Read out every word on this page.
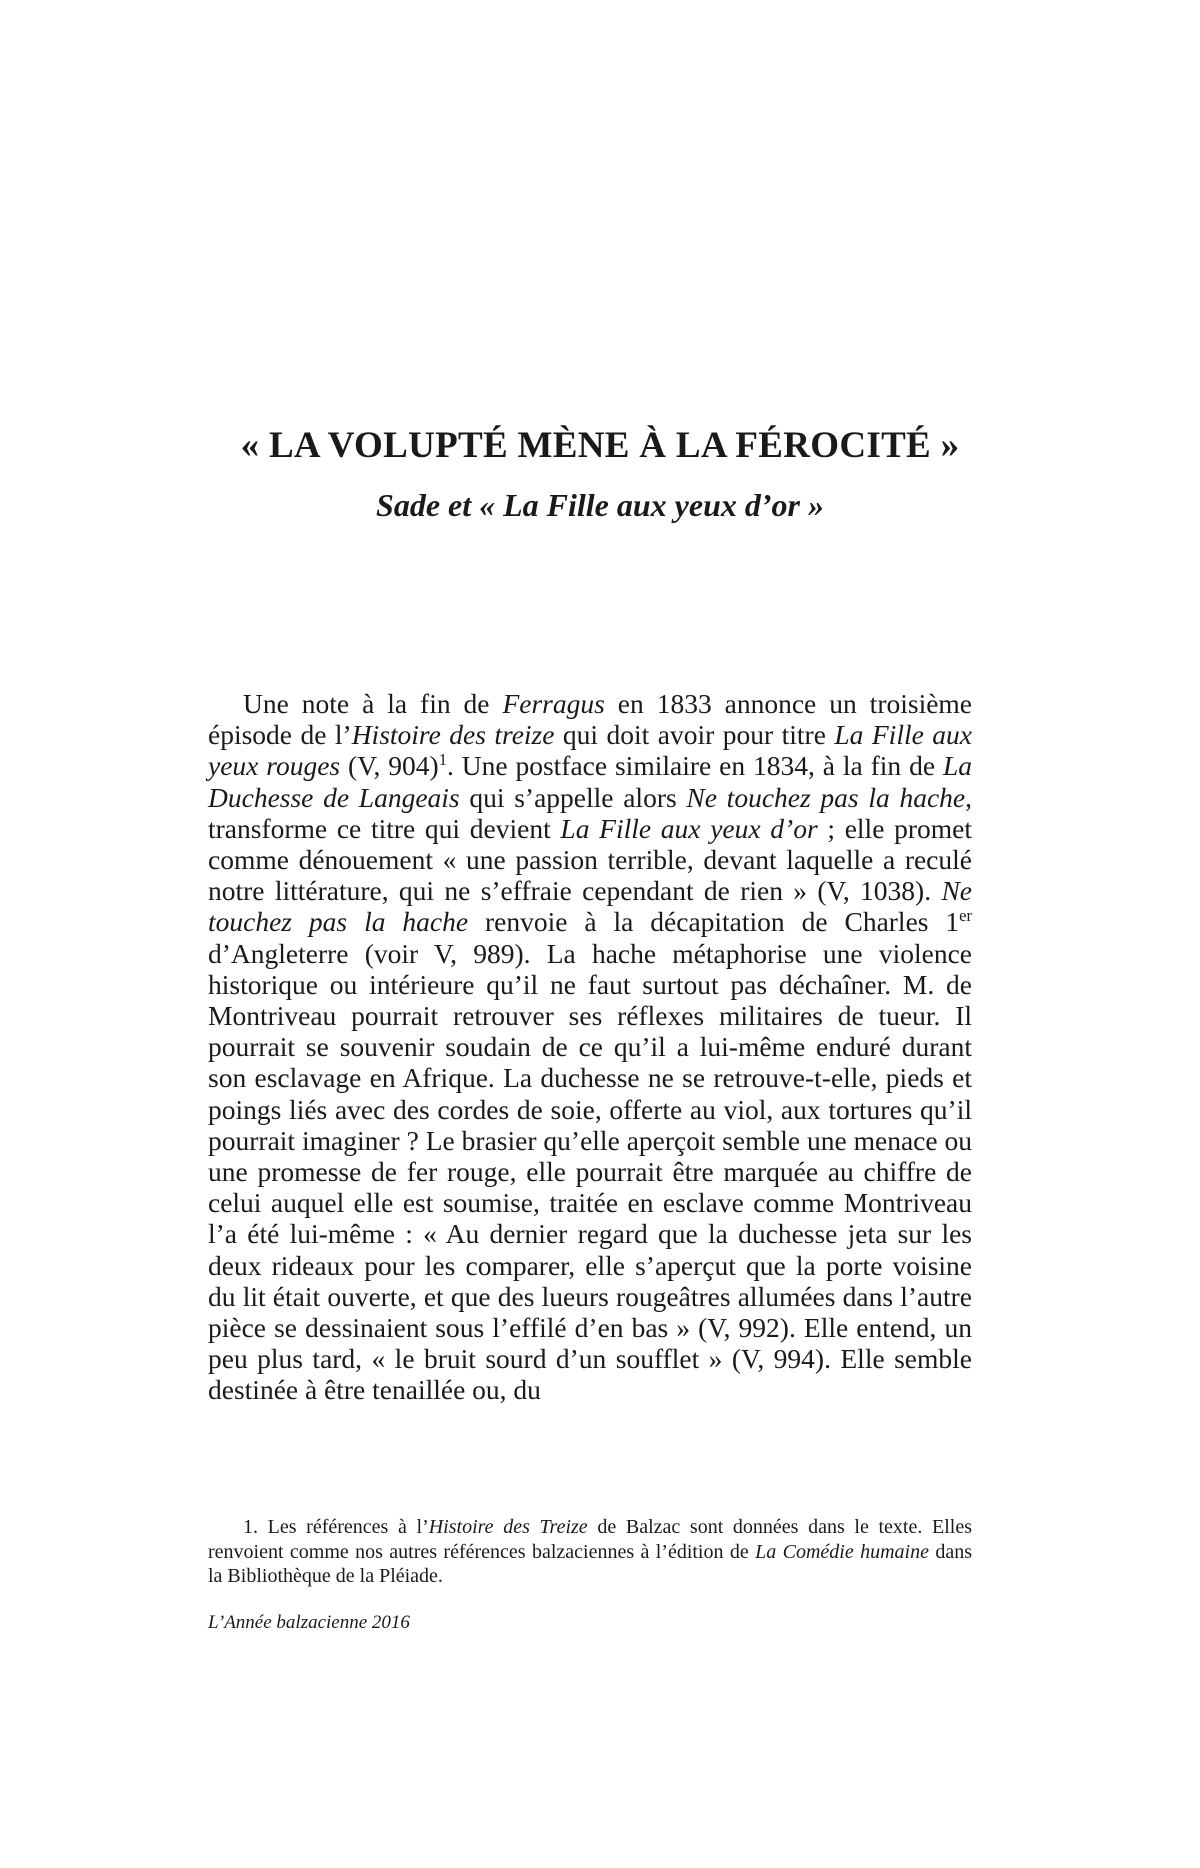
« LA VOLUPTÉ MÈNE À LA FÉROCITÉ »
Sade et « La Fille aux yeux d’or »

Une note à la fin de Ferragus en 1833 annonce un troisième épisode de l’Histoire des treize qui doit avoir pour titre La Fille aux yeux rouges (V, 904)$^1$. Une postface similaire en 1834, à la fin de La Duchesse de Langeais qui s’appelle alors Ne touchez pas la hache, transforme ce titre qui devient La Fille aux yeux d’or ; elle promet comme dénouement « une passion terrible, devant laquelle a reculé notre littérature, qui ne s’effraie cependant de rien » (V, 1038). Ne touchez pas la hache renvoie à la décapitation de Charles 1er d’Angleterre (voir V, 989). La hache métaphorise une violence historique ou intérieure qu’il ne faut surtout pas déchaîner. M. de Montriveau pourrait retrouver ses réflexes militaires de tueur. Il pourrait se souvenir soudain de ce qu’il a lui-même enduré durant son esclavage en Afrique. La duchesse ne se retrouve-t-elle, pieds et poings liés avec des cordes de soie, offerte au viol, aux tortures qu’il pourrait imaginer ? Le brasier qu’elle aperçoit semble une menace ou une promesse de fer rouge, elle pourrait être marquée au chiffre de celui auquel elle est soumise, traitée en esclave comme Montriveau l’a été lui-même : « Au dernier regard que la duchesse jeta sur les deux rideaux pour les comparer, elle s’aperçut que la porte voisine du lit était ouverte, et que des lueurs rougeâtres allumées dans l’autre pièce se dessinaient sous l’effilé d’en bas » (V, 992). Elle entend, un peu plus tard, « le bruit sourd d’un soufflet » (V, 994). Elle semble destinée à être tenaillée ou, du

1. Les références à l’Histoire des Treize de Balzac sont données dans le texte. Elles renvoient comme nos autres références balzaciennes à l’édition de La Comédie humaine dans la Bibliothèque de la Pléiade.

L’Année balzacienne 2016
